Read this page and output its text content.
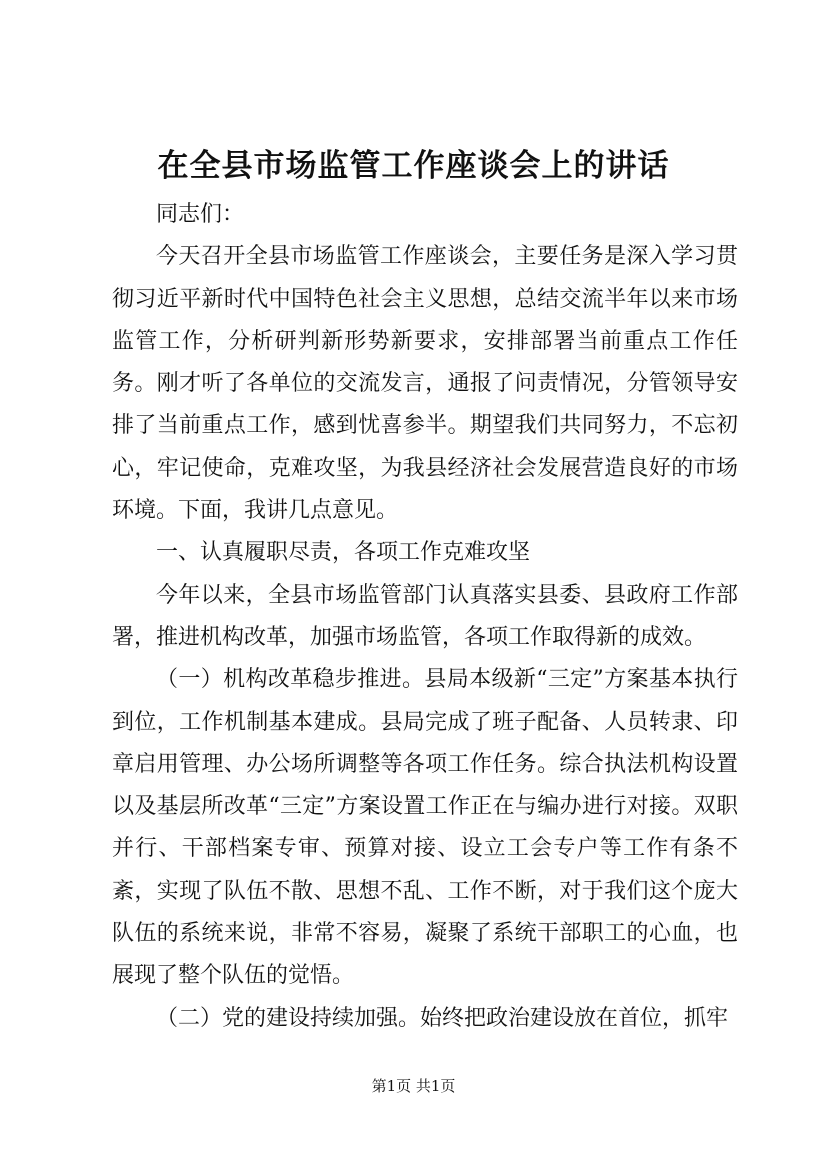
在全县市场监管工作座谈会上的讲话

同志们：

今天召开全县市场监管工作座谈会，主要任务是深入学习贯彻习近平新时代中国特色社会主义思想，总结交流半年以来市场监管工作，分析研判新形势新要求，安排部署当前重点工作任务。刚才听了各单位的交流发言，通报了问责情况，分管领导安排了当前重点工作，感到忧喜参半。期望我们共同努力，不忘初心，牢记使命，克难攻坚，为我县经济社会发展营造良好的市场环境。下面，我讲几点意见。

一、认真履职尽责，各项工作克难攻坚

今年以来，全县市场监管部门认真落实县委、县政府工作部署，推进机构改革，加强市场监管，各项工作取得新的成效。

（一）机构改革稳步推进。县局本级新“三定”方案基本执行到位，工作机制基本建成。县局完成了班子配备、人员转隶、印章启用管理、办公场所调整等各项工作任务。综合执法机构设置以及基层所改革“三定”方案设置工作正在与编办进行对接。双职并行、干部档案专审、预算对接、设立工会专户等工作有条不紊，实现了队伍不散、思想不乱、工作不断，对于我们这个庞大队伍的系统来说，非常不容易，凝聚了系统干部职工的心血，也展现了整个队伍的觉悟。

（二）党的建设持续加强。始终把政治建设放在首位，抓牢

第1页 共1页
